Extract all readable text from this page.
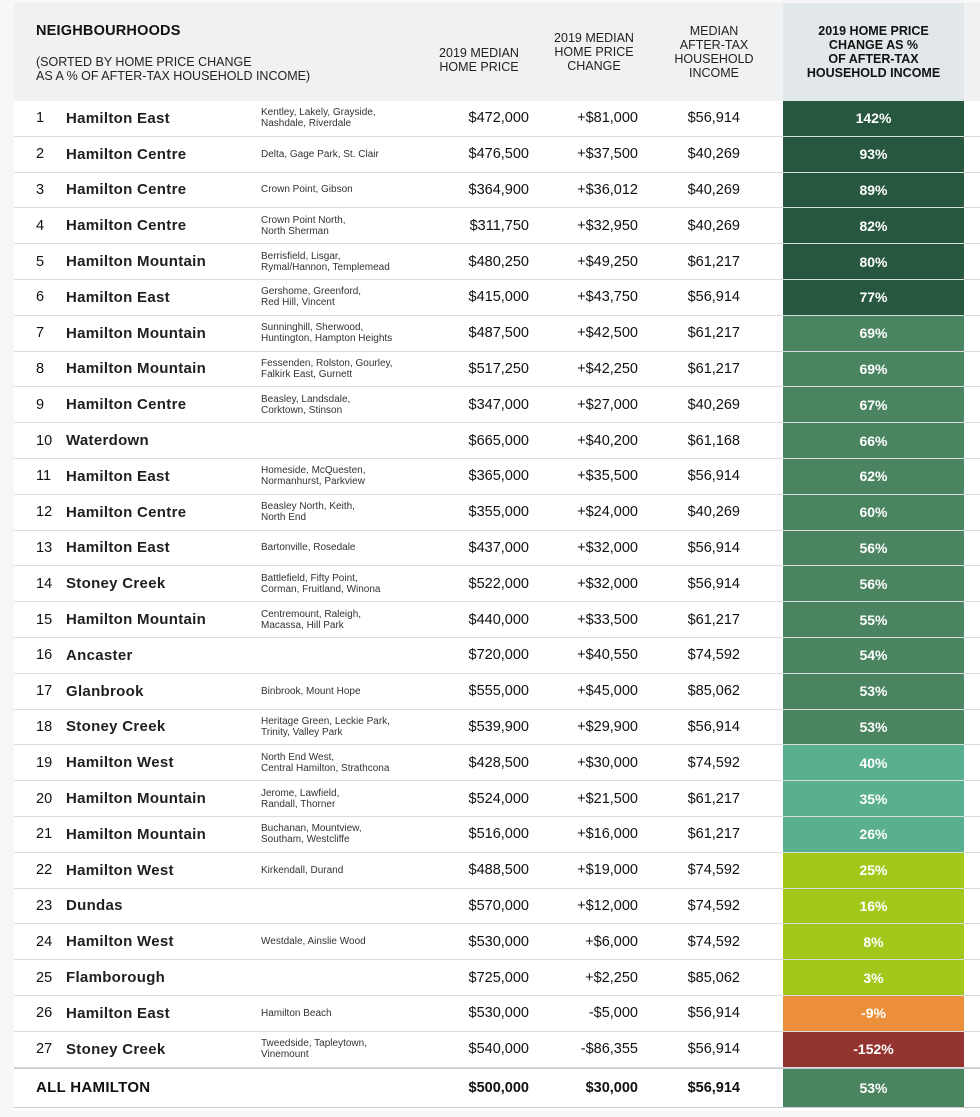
NEIGHBOURHOODS
(SORTED BY HOME PRICE CHANGE
AS A % OF AFTER-TAX HOUSEHOLD INCOME)
2019 MEDIAN
HOME PRICE
2019 MEDIAN
HOME PRICE
CHANGE
MEDIAN
AFTER-TAX
HOUSEHOLD
INCOME
2019 HOME PRICE
CHANGE AS %
OF AFTER-TAX
HOUSEHOLD INCOME
1	Hamilton East	Kentley, Lakely, Grayside,
Nashdale, Riverdale	$472,000	+$81,000	$56,914	142%
2	Hamilton Centre	Delta, Gage Park, St. Clair	$476,500	+$37,500	$40,269	93%
3	Hamilton Centre	Crown Point, Gibson	$364,900	+$36,012	$40,269	89%
4	Hamilton Centre	Crown Point North,
North Sherman	$311,750	+$32,950	$40,269	82%
5	Hamilton Mountain	Berrisfield, Lisgar,
Rymal/Hannon, Templemead	$480,250	+$49,250	$61,217	80%
6	Hamilton East	Gershome, Greenford,
Red Hill, Vincent	$415,000	+$43,750	$56,914	77%
7	Hamilton Mountain	Sunninghill, Sherwood,
Huntington, Hampton Heights	$487,500	+$42,500	$61,217	69%
8	Hamilton Mountain	Fessenden, Rolston, Gourley,
Falkirk East, Gurnett	$517,250	+$42,250	$61,217	69%
9	Hamilton Centre	Beasley, Landsdale,
Corktown, Stinson	$347,000	+$27,000	$40,269	67%
10 Waterdown	$665,000	+$40,200	$61,168	66%
11 Hamilton East	Homeside, McQuesten,
Normanhurst, Parkview	$365,000	+$35,500	$56,914	62%
12 Hamilton Centre	Beasley North, Keith,
North End	$355,000	+$24,000	$40,269	60%
13 Hamilton East	Bartonville, Rosedale	$437,000	+$32,000	$56,914	56%
14 Stoney Creek	Battlefield, Fifty Point,
Corman, Fruitland, Winona	$522,000	+$32,000	$56,914	56%
15 Hamilton Mountain	Centremount, Raleigh,
Macassa, Hill Park	$440,000	+$33,500	$61,217	55%
16 Ancaster	$720,000	+$40,550	$74,592	54%
17 Glanbrook	Binbrook, Mount Hope	$555,000	+$45,000	$85,062	53%
18 Stoney Creek	Heritage Green, Leckie Park,
Trinity, Valley Park	$539,900	+$29,900	$56,914	53%
19 Hamilton West	North End West,
Central Hamilton, Strathcona	$428,500	+$30,000	$74,592	40%
20 Hamilton Mountain	Jerome, Lawfield,
Randall, Thorner	$524,000	+$21,500	$61,217	35%
21 Hamilton Mountain	Buchanan, Mountview,
Southam, Westcliffe	$516,000	+$16,000	$61,217	26%
22 Hamilton West	Kirkendall, Durand	$488,500	+$19,000	$74,592	25%
23 Dundas	$570,000	+$12,000	$74,592	16%
24 Hamilton West	Westdale, Ainslie Wood	$530,000	+$6,000	$74,592	8%
25 Flamborough	$725,000	+$2,250	$85,062	3%
26 Hamilton East	Hamilton Beach	$530,000	-$5,000	$56,914	-9%
27 Stoney Creek	Tweedside, Tapleytown,
Vinemount	$540,000	-$86,355	$56,914	-152%
ALL HAMILTON	$500,000	$30,000	$56,914	53%
